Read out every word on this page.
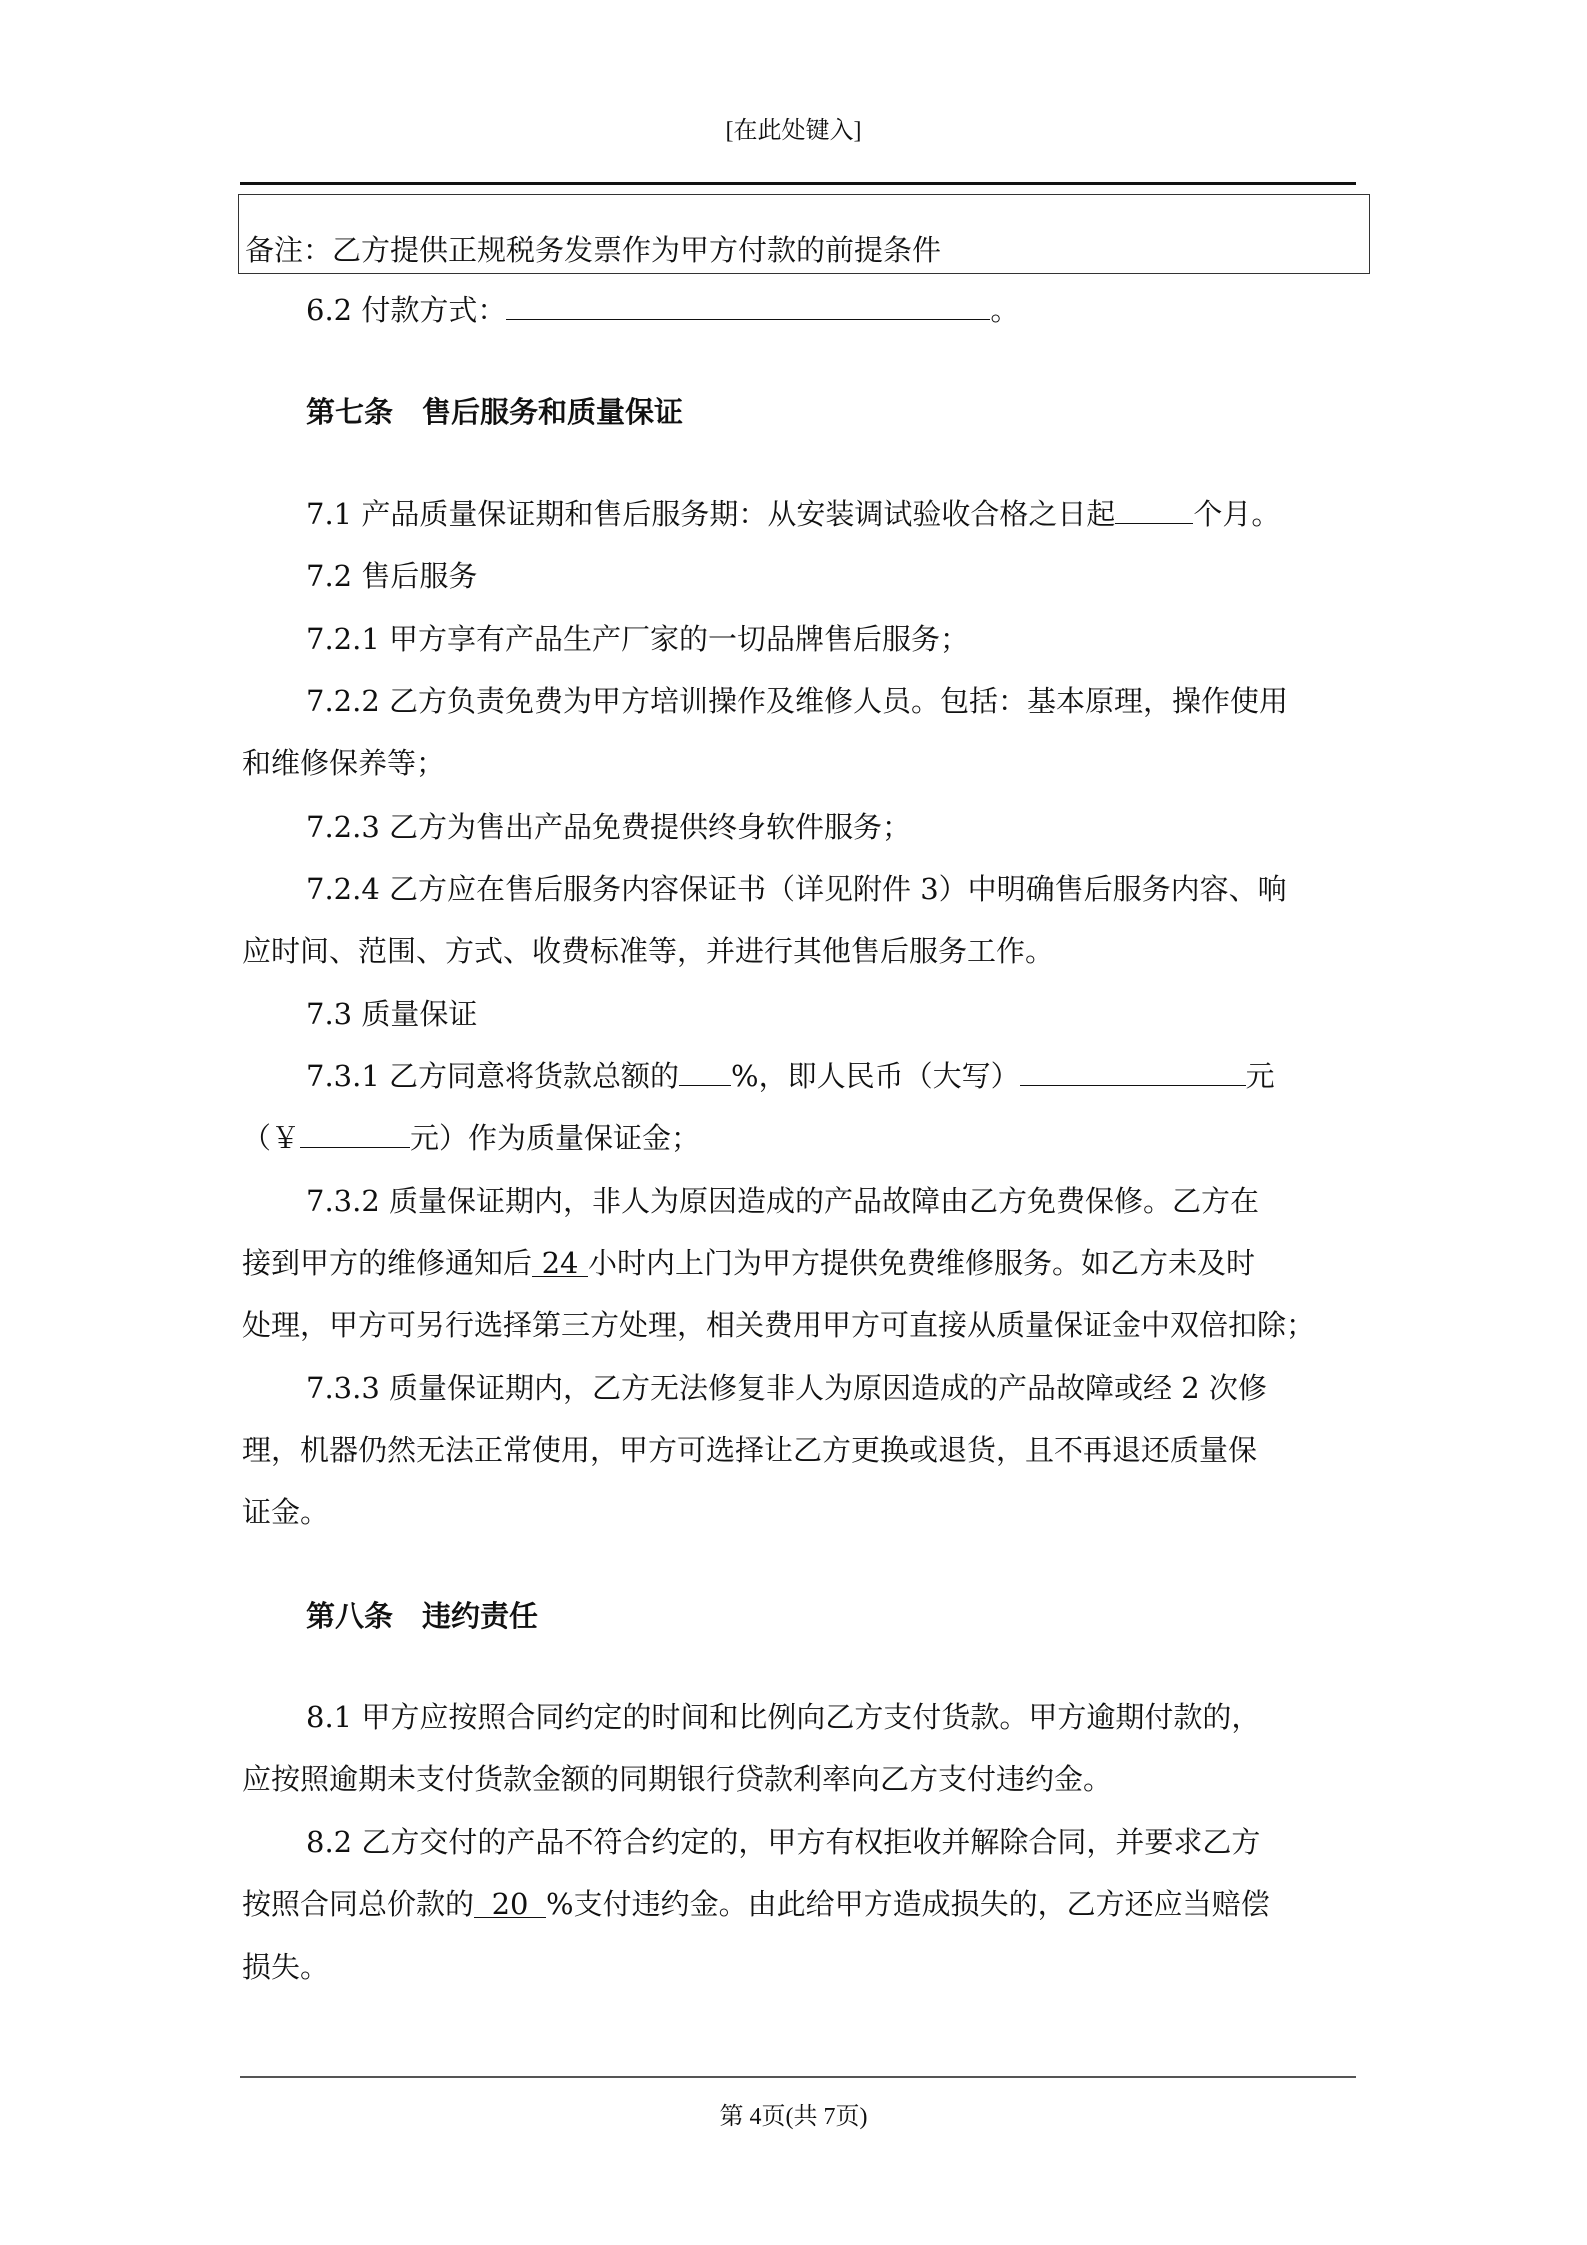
[在此处键入]
备注：乙方提供正规税务发票作为甲方付款的前提条件
6.2 付款方式：	。
第七条　售后服务和质量保证
7.1 产品质量保证期和售后服务期：从安装调试验收合格之日起	个月。
7.2 售后服务
7.2.1 甲方享有产品生产厂家的一切品牌售后服务；
7.2.2 乙方负责免费为甲方培训操作及维修人员。包括：基本原理，操作使用
和维修保养等；
7.2.3 乙方为售出产品免费提供终身软件服务；
7.2.4 乙方应在售后服务内容保证书（详见附件 3）中明确售后服务内容、响
应时间、范围、方式、收费标准等，并进行其他售后服务工作。
7.3 质量保证
7.3.1 乙方同意将货款总额的 %，即人民币（大写）	元
（￥	元）作为质量保证金；
7.3.2 质量保证期内，非人为原因造成的产品故障由乙方免费保修。乙方在
接到甲方的维修通知后 24 小时内上门为甲方提供免费维修服务。如乙方未及时
处理，甲方可另行选择第三方处理，相关费用甲方可直接从质量保证金中双倍扣除；
7.3.3 质量保证期内，乙方无法修复非人为原因造成的产品故障或经 2 次修
理，机器仍然无法正常使用，甲方可选择让乙方更换或退货，且不再退还质量保
证金。
第八条　违约责任
8.1 甲方应按照合同约定的时间和比例向乙方支付货款。甲方逾期付款的，
应按照逾期未支付货款金额的同期银行贷款利率向乙方支付违约金。
8.2 乙方交付的产品不符合约定的，甲方有权拒收并解除合同，并要求乙方
按照合同总价款的 20 %支付违约金。由此给甲方造成损失的，乙方还应当赔偿
损失。
第 4页(共 7页)
